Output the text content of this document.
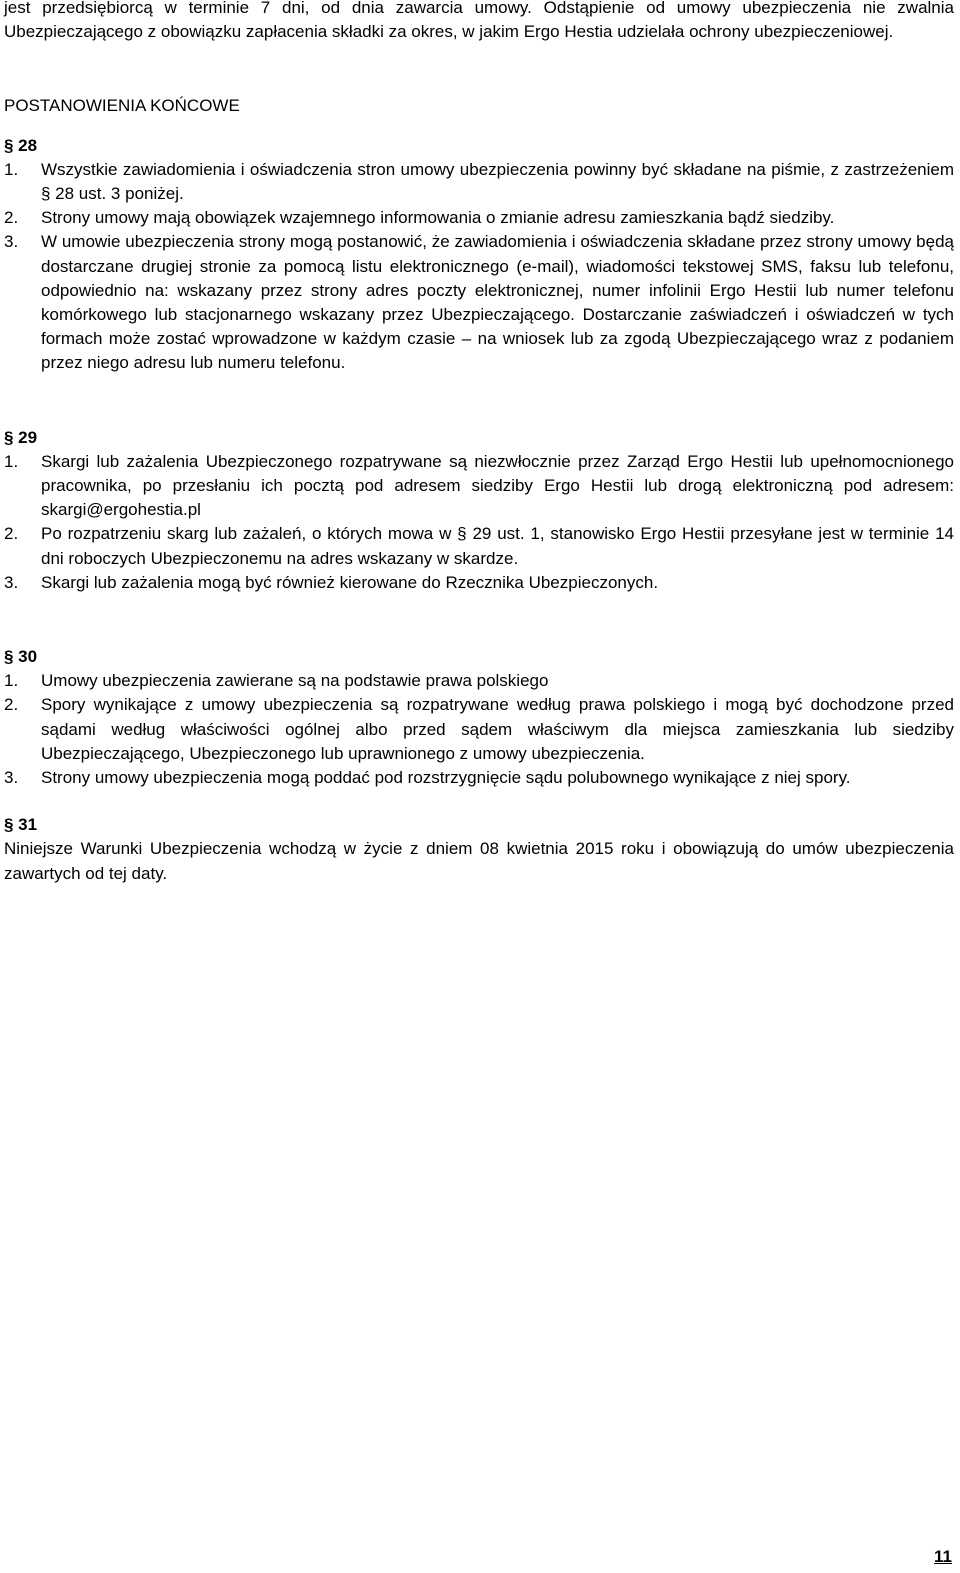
jest przedsiębiorcą w terminie 7 dni, od dnia zawarcia umowy. Odstąpienie od umowy ubezpieczenia nie zwalnia Ubezpieczającego z obowiązku zapłacenia składki za okres, w jakim Ergo Hestia udzielała ochrony ubezpieczeniowej.

POSTANOWIENIA KOŃCOWE

§ 28

1.	Wszystkie zawiadomienia i oświadczenia stron umowy ubezpieczenia powinny być składane na piśmie, z zastrzeżeniem § 28 ust. 3 poniżej.
2.	Strony umowy mają obowiązek wzajemnego informowania o zmianie adresu zamieszkania bądź siedziby.
3.	W umowie ubezpieczenia strony mogą postanowić, że zawiadomienia i oświadczenia składane przez strony umowy będą dostarczane drugiej stronie za pomocą listu elektronicznego (e-mail), wiadomości tekstowej SMS, faksu lub telefonu, odpowiednio na: wskazany przez strony adres poczty elektronicznej, numer infolinii Ergo Hestii lub numer telefonu komórkowego lub stacjonarnego wskazany przez Ubezpieczającego. Dostarczanie zaświadczeń i oświadczeń w tych formach może zostać wprowadzone w każdym czasie – na wniosek lub za zgodą Ubezpieczającego wraz z podaniem przez niego adresu lub numeru telefonu.

§ 29

1.	Skargi lub zażalenia Ubezpieczonego rozpatrywane są niezwłocznie przez Zarząd Ergo Hestii lub upełnomocnionego pracownika, po przesłaniu ich pocztą pod adresem siedziby Ergo Hestii lub drogą elektroniczną pod adresem: skargi@ergohestia.pl
2.	Po rozpatrzeniu skarg lub zażaleń, o których mowa w § 29 ust. 1, stanowisko Ergo Hestii przesyłane jest w terminie 14 dni roboczych Ubezpieczonemu na adres wskazany w skardze.
3.	Skargi lub zażalenia mogą być również kierowane do Rzecznika Ubezpieczonych.

§ 30

1.	Umowy ubezpieczenia zawierane są na podstawie prawa polskiego
2.	Spory wynikające z umowy ubezpieczenia są rozpatrywane według prawa polskiego i mogą być dochodzone przed sądami według właściwości ogólnej albo przed sądem właściwym dla miejsca zamieszkania lub siedziby Ubezpieczającego, Ubezpieczonego lub uprawnionego z umowy ubezpieczenia.
3.	Strony umowy ubezpieczenia mogą poddać pod rozstrzygnięcie sądu polubownego wynikające z niej spory.

§ 31

Niniejsze Warunki Ubezpieczenia wchodzą w życie z dniem 08 kwietnia 2015 roku i obowiązują do umów ubezpieczenia zawartych od tej daty.

11
